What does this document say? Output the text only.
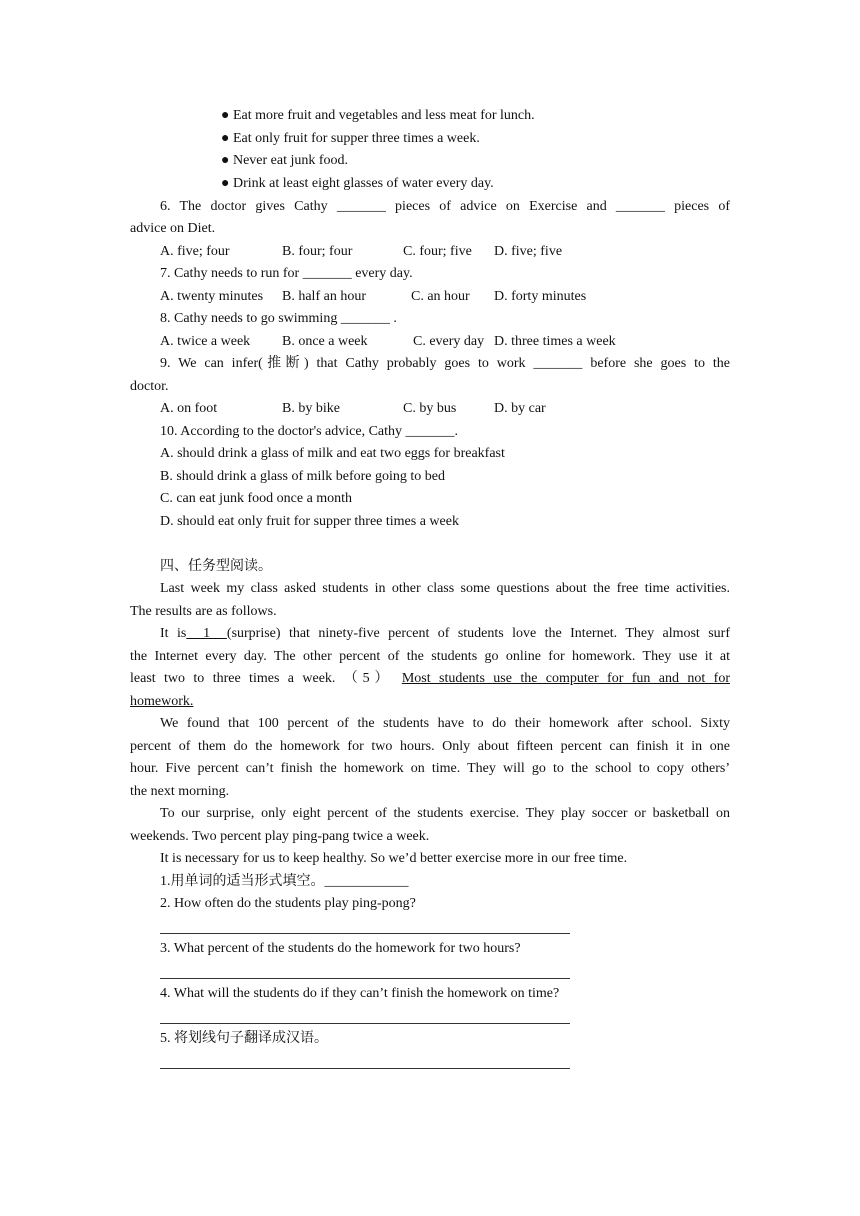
● Eat more fruit and vegetables and less meat for lunch.
● Eat only fruit for supper three times a week.
● Never eat junk food.
● Drink at least eight glasses of water every day.
6. The doctor gives Cathy _______ pieces of advice on Exercise and _______ pieces of
advice on Diet.
A. five; four	B. four; four	C. four; five D. five; five
7. Cathy needs to run for _______ every day.
A. twenty minutes B. half an hour	C. an hour D. forty minutes
8. Cathy needs to go swimming _______ .
A. twice a week B. once a week	C. every day D. three times a week
9. We can infer(推断) that Cathy probably goes to work _______ before she goes to the
doctor.
A. on foot	B. by bike	C. by bus	D. by car
10. According to the doctor's advice, Cathy _______.
A. should drink a glass of milk and eat two eggs for breakfast
B. should drink a glass of milk before going to bed
C. can eat junk food once a month
D. should eat only fruit for supper three times a week
四、任务型阅读。
Last week my class asked students in other class some questions about the free time activities.
The results are as follows.
It is  1  (surprise) that ninety-five percent of students love the Internet. They almost surf
the Internet every day. The other percent of the students go online for homework. They use it at
least two to three times a week. （5） Most students use the computer for fun and not for
homework.
We found that 100 percent of the students have to do their homework after school. Sixty
percent of them do the homework for two hours. Only about fifteen percent can finish it in one
hour. Five percent can’t finish the homework on time. They will go to the school to copy others’
the next morning.
To our surprise, only eight percent of the students exercise. They play soccer or basketball on
weekends. Two percent play ping-pang twice a week.
It is necessary for us to keep healthy. So we’d better exercise more in our free time.
1.用单词的适当形式填空。____________
2. How often do the students play ping-pong?
3. What percent of the students do the homework for two hours?
4. What will the students do if they can’t finish the homework on time?
5. 将划线句子翻译成汉语。
